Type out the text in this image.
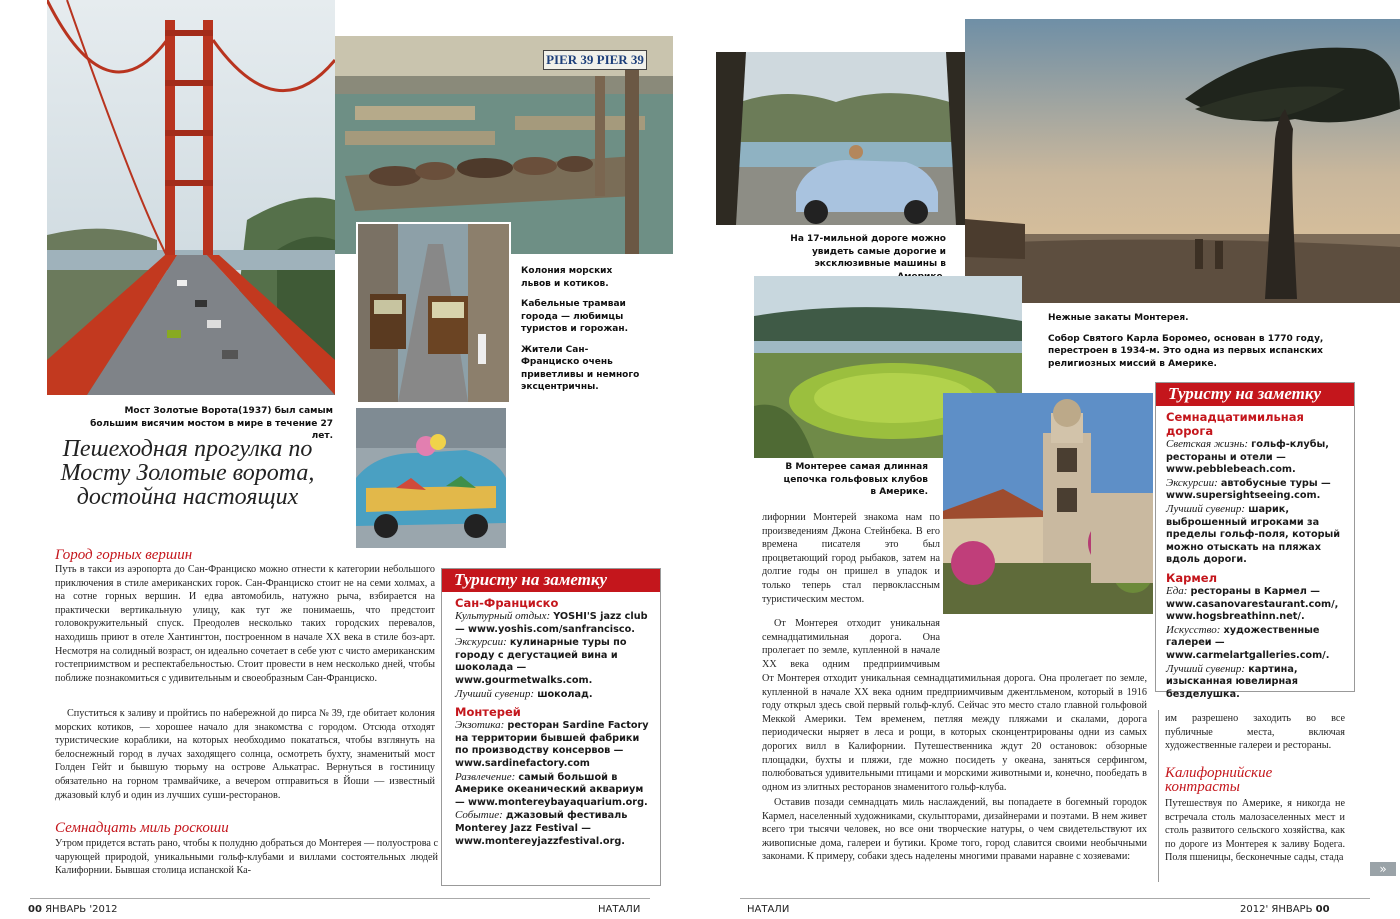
PIER 39 PIER 39
Мост Золотые Ворота(1937) был самым большим висячим мостом в мире в течение 27 лет.

Колония морских львов и котиков.

Кабельные трамваи города — любимцы туристов и горожан.

Жители Сан-Франциско очень приветливы и немного эксцентричны.

Пешеходная прогулка по Мосту Золотые ворота, достойна настоящих
Город горных вершин

Путь в такси из аэропорта до Сан-Франциско можно отнести к категории небольшого приключения в стиле американских горок. Сан-Франциско стоит не на семи холмах, а на сотне горных вершин. И едва автомобиль, натужно рыча, взбирается на практически вертикальную улицу, как тут же понимаешь, что предстоит головокружительный спуск. Преодолев несколько таких городских перевалов, находишь приют в отеле Хантингтон, построенном в начале XX века в стиле боз-арт. Несмотря на солидный возраст, он идеально сочетает в себе уют с чисто американским гостеприимством и респектабельностью. Стоит провести в нем несколько дней, чтобы поближе познакомиться с удивительным и своеобразным Сан-Франциско.

Спуститься к заливу и пройтись по набережной до пирса № 39, где обитает колония морских котиков, — хорошее начало для знакомства с городом. Отсюда отходят туристические кораблики, на которых необходимо покататься, чтобы взглянуть на белоснежный город в лучах заходящего солнца, осмотреть бухту, знаменитый мост Голден Гейт и бывшую тюрьму на острове Алькатрас. Вернуться в гостиницу обязательно на горном трамвайчике, а вечером отправиться в Йоши — известный джазовый клуб и один из лучших суши-ресторанов.

Семнадцать миль роскоши

Утром придется встать рано, чтобы к полудню добраться до Монтерея — полуострова с чарующей природой, уникальными гольф-клубами и виллами состоятельных людей Калифорнии. Бывшая столица испанской Ка-

Туристу на заметку
Сан-Франциско
Культурный отдых: YOSHI'S jazz club — www.yoshis.com/sanfrancisco.
Экскурсии: кулинарные туры по городу с дегустацией вина и шоколада — www.gourmetwalks.com.
Лучший сувенир: шоколад.
Монтерей
Экзотика: ресторан Sardine Factory на территории бывшей фабрики по производству консервов — www.sardinefactory.com
Развлечение: самый большой в Америке океанический аквариум — www.montereybayaquarium.org.
Событие: джазовый фестиваль Monterey Jazz Festival — www.montereyjazzfestival.org.
00 ЯНВАРЬ '2012	НАТАЛИ
На 17-мильной дороге можно увидеть самые дорогие и эксклюзивные машины в

Нежные закаты Монтерея.

Собор Святого Карла Боромео, основан в 1770 году, перестроен в 1934-м. Это одна из первых испанских религиозных миссий в Америке.

В Монтерее самая длинная цепочка гольфовых клубов в Америке.
Туристу на заметку
Семнадцатимильная дорога
Светская жизнь: гольф-клубы, рестораны и отели — www.pebblebeach.com.
Экскурсии: автобусные туры — www.supersightseeing.com.
Лучший сувенир: шарик, выброшенный игроками за пределы гольф-поля, который можно отыскать на пляжах вдоль дороги.
Кармел
Еда: рестораны в Кармел — www.casanovarestaurant.com/, www.hogsbreathinn.net/.
Искусство: художественные галереи — www.carmelartgalleries.com/.
Лучший сувенир: картина, изысканная ювелирная безделушка.

лифорнии Монтерей знакома нам по произведениям Джона Стейнбека. В его времена писателя это был процветающий город рыбаков, затем на долгие годы он пришел в упадок и только теперь стал первоклассным туристическим местом.

От Монтерея отходит уникальная семнадцатимильная дорога. Она пролегает по земле, купленной в начале XX века одним предприимчивым

От Монтерея отходит уникальная семнадцатимильная дорога. Она пролегает по земле, купленной в начале XX века одним предприимчивым джентльменом, который в 1916 году открыл здесь свой первый гольф-клуб. Сейчас это место стало главной гольфовой Меккой Америки. Тем временем, петляя между пляжами и скалами, дорога периодически ныряет в леса и рощи, в которых сконцентрированы одни из самых дорогих вилл в Калифорнии. Путешественника ждут 20 остановок: обзорные площадки, бухты и пляжи, где можно посидеть у океана, заняться серфингом, полюбоваться удивительными птицами и морскими животными и, конечно, пообедать в одном из элитных ресторанов знаменитого гольф-клуба.

Оставив позади семнадцать миль наслаждений, вы попадаете в богемный городок Кармел, населенный художниками, скульпторами, дизайнерами и поэтами. В нем живет всего три тысячи человек, но все они творческие натуры, о чем свидетельствуют их живописные дома, галереи и бутики. Кроме того, город славится своими необычными законами. К примеру, собаки здесь наделены многими правами наравне с хозяевами:

им разрешено заходить во все публичные места, включая художественные галереи и рестораны.

Калифорнийские контрасты

Путешествуя по Америке, я никогда не встречала столь малозаселенных мест и столь развитого сельского хозяйства, как по дороге из Монтерея к заливу Бодега. Поля пшеницы, бесконечные сады, стада

»
НАТАЛИ	2012' ЯНВАРЬ 00
